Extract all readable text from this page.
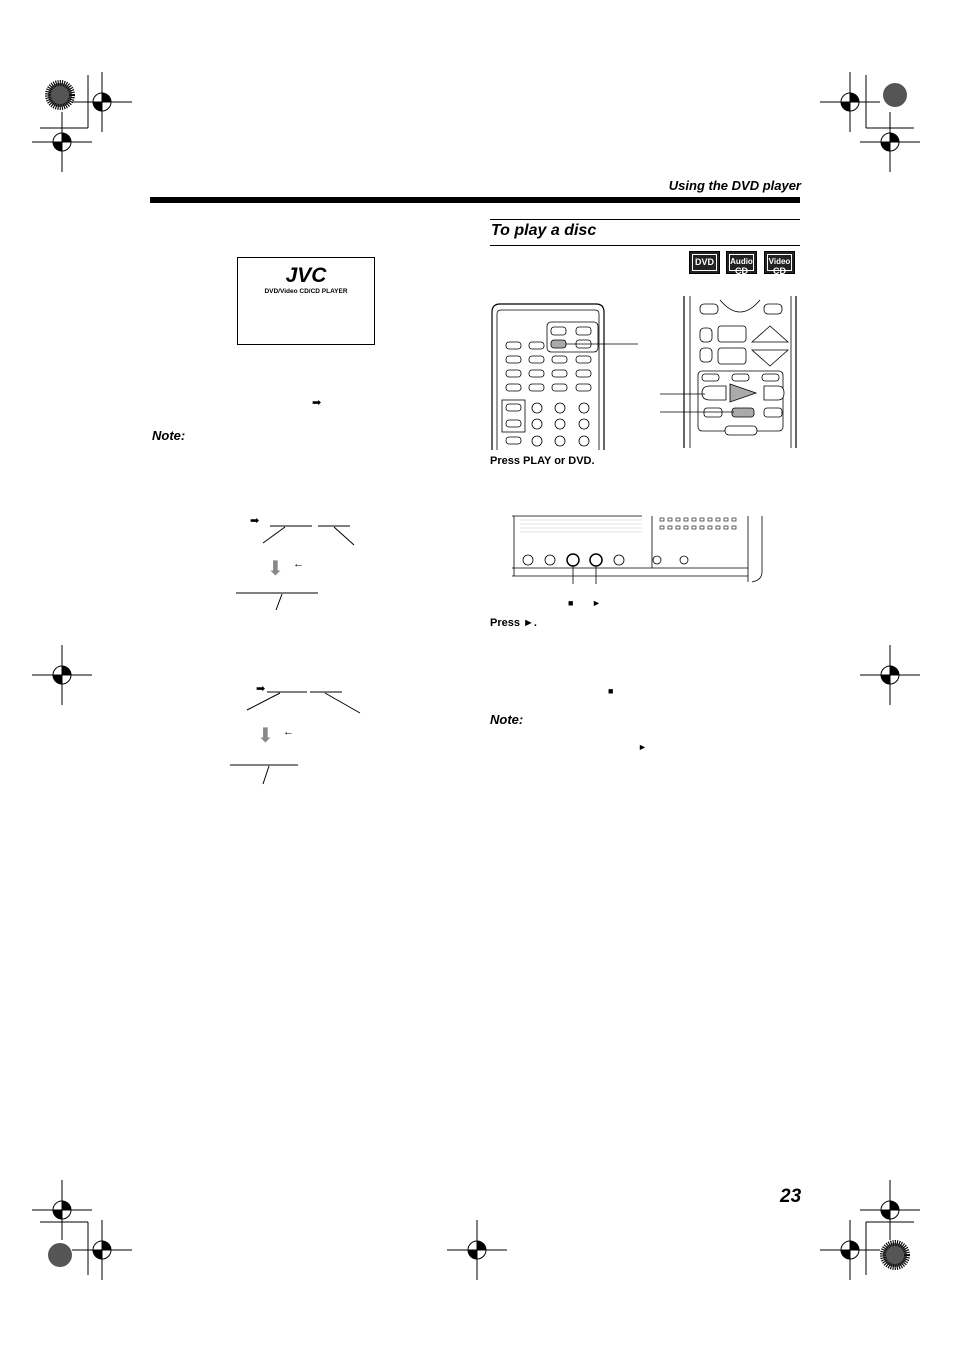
Using the DVD player
JVC
DVD/Video CD/CD PLAYER
➡
Note:
➡
⬇ ←
➡
⬇ ←
To play a disc
DVD Audio
CD
Video
CD
Press PLAY or DVD.
■ ►
Press ►.
■
Note:
►
23
